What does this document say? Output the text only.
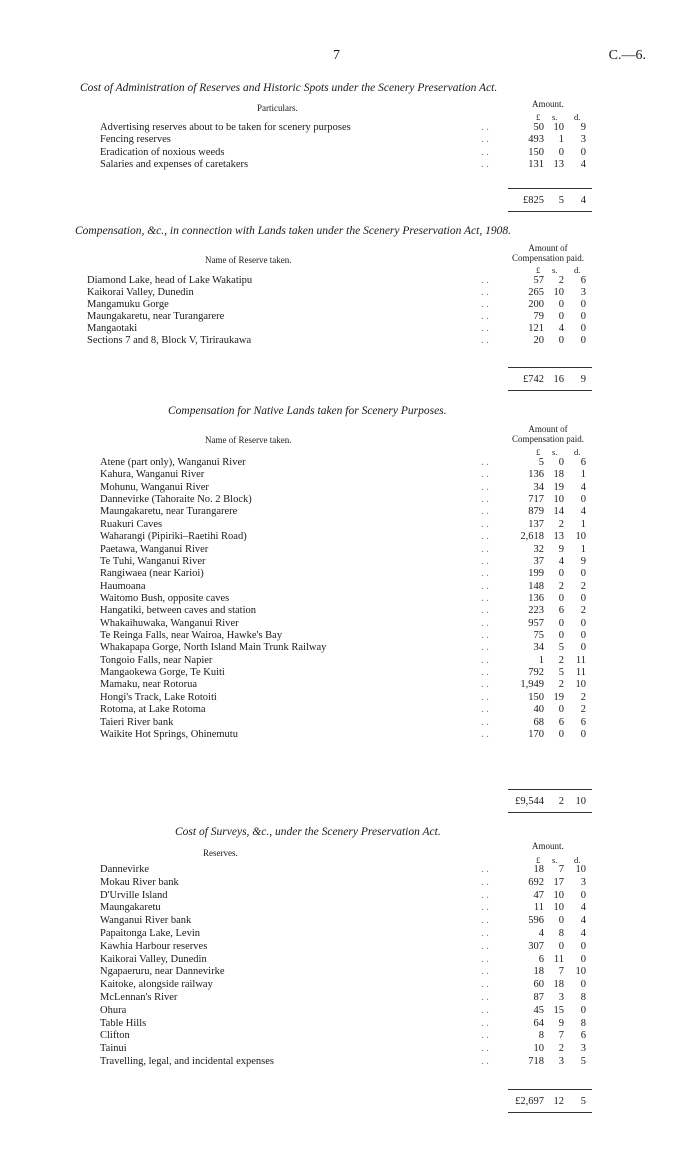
7	C.—6.
Cost of Administration of Reserves and Historic Spots under the Scenery Preservation Act.
Particulars.	Amount.
£ s. d.
Advertising reserves about to be taken for scenery purposes	. .	50 10	9
Fencing reserves	. .	493	1	3
Eradication of noxious weeds	. .	150	0	0
Salaries and expenses of caretakers	. .	131 13	4
£825	5	4
Compensation, &c., in connection with Lands taken under the Scenery Preservation Act, 1908.
Name of Reserve taken.
Amount of
Compensation paid.
£ s. d.
Diamond Lake, head of Lake Wakatipu	. .	57	2	6
Kaikorai Valley, Dunedin	. .	265 10	3
Mangamuku Gorge	. .	200	0	0
Maungakaretu, near Turangarere	. .	79	0	0
Mangaotaki	. .	121	4	0
Sections 7 and 8, Block V, Tiriraukawa	. .	20	0	0
£742 16	9
Compensation for Native Lands taken for Scenery Purposes.
Name of Reserve taken.
Amount of
Compensation paid.
£ s. d.
Atene (part only), Wanganui River	. .	5	0	6
Kahura, Wanganui River	. .	136 18	1
Mohunu, Wanganui River	. .	34 19	4
Dannevirke (Tahoraite No. 2 Block)	. .	717 10	0
Maungakaretu, near Turangarere	. .	879 14	4
Ruakuri Caves	. .	137	2	1
Waharangi (Pipiriki–Raetihi Road)	. .	2,618 13	10
Paetawa, Wanganui River	. .	32	9	1
Te Tuhi, Wanganui River	. .	37	4	9
Rangiwaea (near Karioi)	. .	199	0	0
Haumoana	. .	148	2	2
Waitomo Bush, opposite caves	. .	136	0	0
Hangatiki, between caves and station	. .	223	6	2
Whakaihuwaka, Wanganui River	. .	957	0	0
Te Reinga Falls, near Wairoa, Hawke's Bay	. .	75	0	0
Whakapapa Gorge, North Island Main Trunk Railway	. .	34	5	0
Tongoio Falls, near Napier	. .	1	2	11
Mangaokewa Gorge, Te Kuiti	. .	792	5	11
Mamaku, near Rotorua	. .	1,949	2	10
Hongi's Track, Lake Rotoiti	. .	150 19	2
Rotoma, at Lake Rotoma	. .	40	0	2
Taieri River bank	. .	68	6	6
Waikite Hot Springs, Ohinemutu	. .	170	0	0
£9,544	2	10
Cost of Surveys, &c., under the Scenery Preservation Act.
Reserves.
Amount.
£ s. d.
Dannevirke	. .	18	7	10
Mokau River bank	. .	692 17	3
D'Urville Island	. .	47 10	0
Maungakaretu	. .	11 10	4
Wanganui River bank	. .	596	0	4
Papaitonga Lake, Levin	. .	4	8	4
Kawhia Harbour reserves	. .	307	0	0
Kaikorai Valley, Dunedin	. .	6 11	0
Ngapaeruru, near Dannevirke	. .	18	7	10
Kaitoke, alongside railway	. .	60 18	0
McLennan's River	. .	87	3	8
Ohura	. .	45 15	0
Table Hills	. .	64	9	8
Clifton	. .	8	7	6
Tainui	. .	10	2	3
Travelling, legal, and incidental expenses	. .	718	3	5
£2,697 12	5
